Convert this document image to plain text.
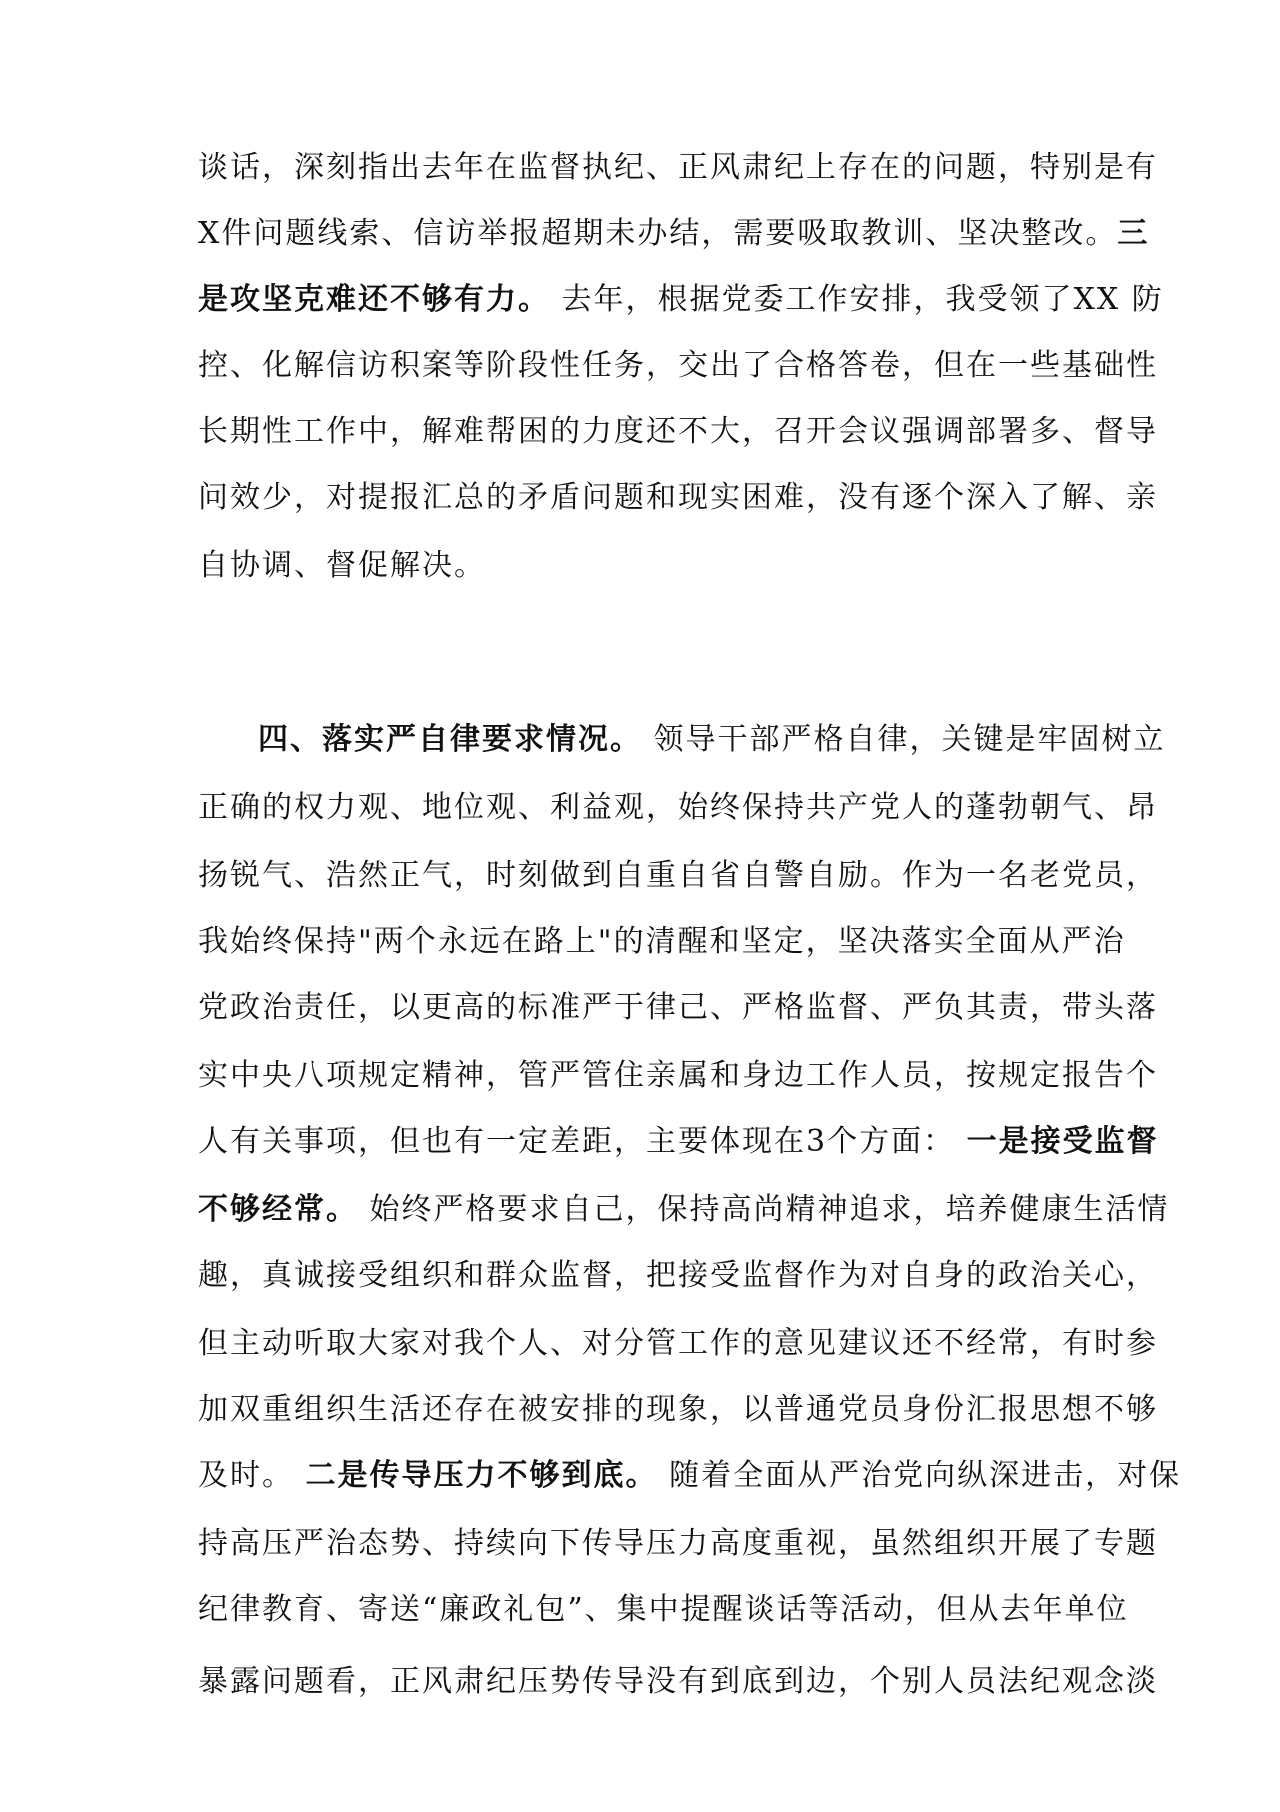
谈话，深刻指出去年在监督执纪、正风肃纪上存在的问题，特别是有
X件问题线索、信访举报超期未办结，需要吸取教训、坚决整改。三
是攻坚克难还不够有力。 去年，根据党委工作安排，我受领了XX 防
控、化解信访积案等阶段性任务，交出了合格答卷，但在一些基础性
长期性工作中，解难帮困的力度还不大，召开会议强调部署多、督导
问效少，对提报汇总的矛盾问题和现实困难，没有逐个深入了解、亲
自协调、督促解决。
四、落实严自律要求情况。 领导干部严格自律，关键是牢固树立
正确的权力观、地位观、利益观，始终保持共产党人的蓬勃朝气、昂
扬锐气、浩然正气，时刻做到自重自省自警自励。作为一名老党员，
我始终保持"两个永远在路上"的清醒和坚定，坚决落实全面从严治
党政治责任，以更高的标准严于律己、严格监督、严负其责，带头落
实中央八项规定精神，管严管住亲属和身边工作人员，按规定报告个
人有关事项，但也有一定差距，主要体现在3个方面： 一是接受监督
不够经常。 始终严格要求自己，保持高尚精神追求，培养健康生活情
趣，真诚接受组织和群众监督，把接受监督作为对自身的政治关心，
但主动听取大家对我个人、对分管工作的意见建议还不经常，有时参
加双重组织生活还存在被安排的现象，以普通党员身份汇报思想不够
及时。 二是传导压力不够到底。 随着全面从严治党向纵深进击，对保
持高压严治态势、持续向下传导压力高度重视，虽然组织开展了专题
纪律教育、寄送“廉政礼包”、集中提醒谈话等活动，但从去年单位
暴露问题看，正风肃纪压势传导没有到底到边，个别人员法纪观念淡
